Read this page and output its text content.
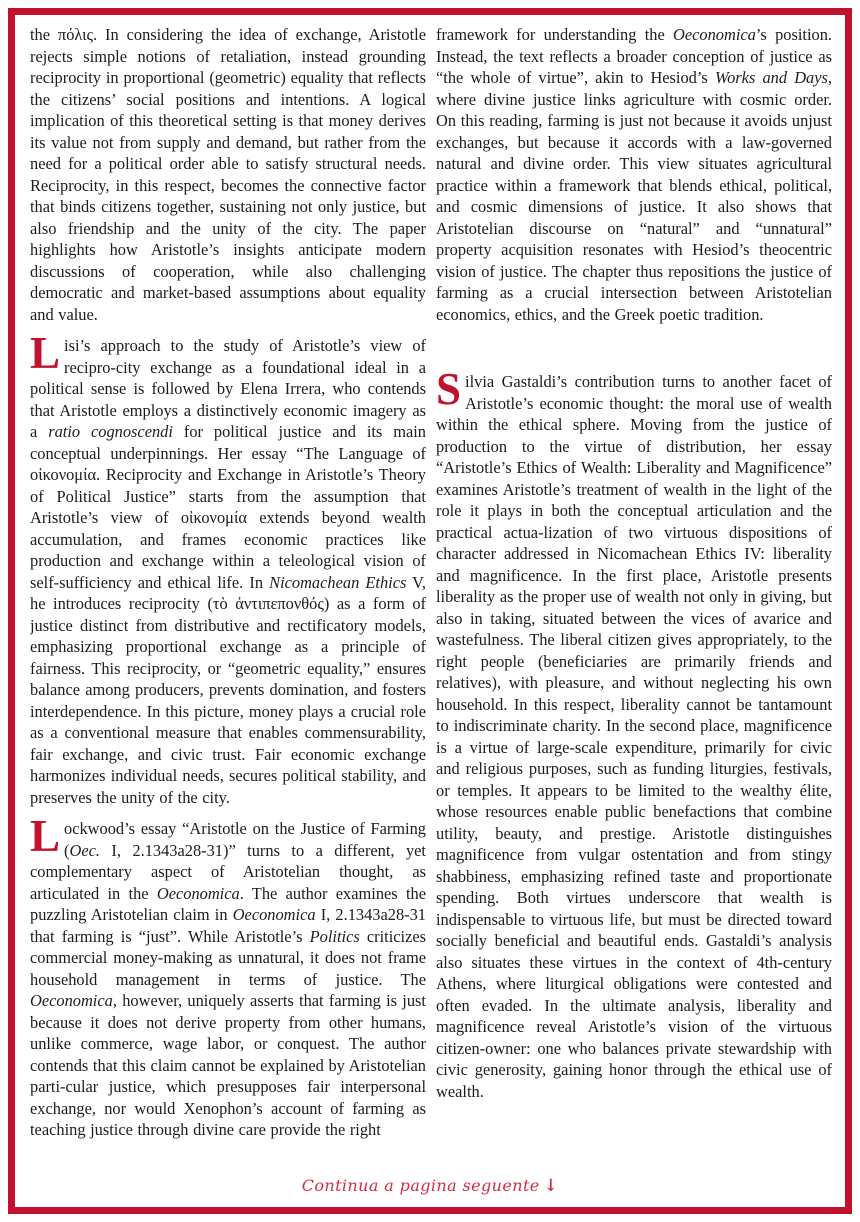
the πόλις. In considering the idea of exchange, Aristotle rejects simple notions of retaliation, instead grounding reciprocity in proportional (geometric) equality that reflects the citizens’ social positions and intentions. A logical implication of this theoretical setting is that money derives its value not from supply and demand, but rather from the need for a political order able to satisfy structural needs. Reciprocity, in this respect, becomes the connective factor that binds citizens together, sustaining not only justice, but also friendship and the unity of the city. The paper highlights how Aristotle’s insights anticipate modern discussions of cooperation, while also challenging democratic and market-based assumptions about equality and value.

Lisi’s approach to the study of Aristotle’s view of recipro-city exchange as a foundational ideal in a political sense is followed by Elena Irrera, who contends that Aristotle employs a distinctively economic imagery as a ratio cognoscendi for political justice and its main conceptual underpinnings. Her essay “The Language of οἰκονομία. Reciprocity and Exchange in Aristotle’s Theory of Political Justice” starts from the assumption that Aristotle’s view of οἰκονομία extends beyond wealth accumulation, and frames economic practices like production and exchange within a teleological vision of self-sufficiency and ethical life. In Nicomachean Ethics V, he introduces reciprocity (τὸ ἀντιπεπονθός) as a form of justice distinct from distributive and rectificatory models, emphasizing proportional exchange as a principle of fairness. This reciprocity, or “geometric equality,” ensures balance among producers, prevents domination, and fosters interdependence. In this picture, money plays a crucial role as a conventional measure that enables commensurability, fair exchange, and civic trust. Fair economic exchange harmonizes individual needs, secures political stability, and preserves the unity of the city.

Lockwood’s essay “Aristotle on the Justice of Farming (Oec. I, 2.1343a28-31)” turns to a different, yet complementary aspect of Aristotelian thought, as articulated in the Oeconomica. The author examines the puzzling Aristotelian claim in Oeconomica I, 2.1343a28-31 that farming is “just”. While Aristotle’s Politics criticizes commercial money-making as unnatural, it does not frame household management in terms of justice. The Oeconomica, however, uniquely asserts that farming is just because it does not derive property from other humans, unlike commerce, wage labor, or conquest. The author contends that this claim cannot be explained by Aristotelian parti-cular justice, which presupposes fair interpersonal exchange, nor would Xenophon’s account of farming as teaching justice through divine care provide the right

framework for understanding the Oeconomica’s position. Instead, the text reflects a broader conception of justice as “the whole of virtue”, akin to Hesiod’s Works and Days, where divine justice links agriculture with cosmic order. On this reading, farming is just not because it avoids unjust exchanges, but because it accords with a law-governed natural and divine order. This view situates agricultural practice within a framework that blends ethical, political, and cosmic dimensions of justice. It also shows that Aristotelian discourse on “natural” and “unnatural” property acquisition resonates with Hesiod’s theocentric vision of justice. The chapter thus repositions the justice of farming as a crucial intersection between Aristotelian economics, ethics, and the Greek poetic tradition.

Silvia Gastaldi’s contribution turns to another facet of Aristotle’s economic thought: the moral use of wealth within the ethical sphere. Moving from the justice of production to the virtue of distribution, her essay “Aristotle’s Ethics of Wealth: Liberality and Magnificence” examines Aristotle’s treatment of wealth in the light of the role it plays in both the conceptual articulation and the practical actua-lization of two virtuous dispositions of character addressed in Nicomachean Ethics IV: liberality and magnificence. In the first place, Aristotle presents liberality as the proper use of wealth not only in giving, but also in taking, situated between the vices of avarice and wastefulness. The liberal citizen gives appropriately, to the right people (beneficiaries are primarily friends and relatives), with pleasure, and without neglecting his own household. In this respect, liberality cannot be tantamount to indiscriminate charity. In the second place, magnificence is a virtue of large-scale expenditure, primarily for civic and religious purposes, such as funding liturgies, festivals, or temples. It appears to be limited to the wealthy élite, whose resources enable public benefactions that combine utility, beauty, and prestige. Aristotle distinguishes magnificence from vulgar ostentation and from stingy shabbiness, emphasizing refined taste and proportionate spending. Both virtues underscore that wealth is indispensable to virtuous life, but must be directed toward socially beneficial and beautiful ends. Gastaldi’s analysis also situates these virtues in the context of 4th-century Athens, where liturgical obligations were contested and often evaded. In the ultimate analysis, liberality and magnificence reveal Aristotle’s vision of the virtuous citizen-owner: one who balances private stewardship with civic generosity, gaining honor through the ethical use of wealth.

Continua a pagina seguente ↓
